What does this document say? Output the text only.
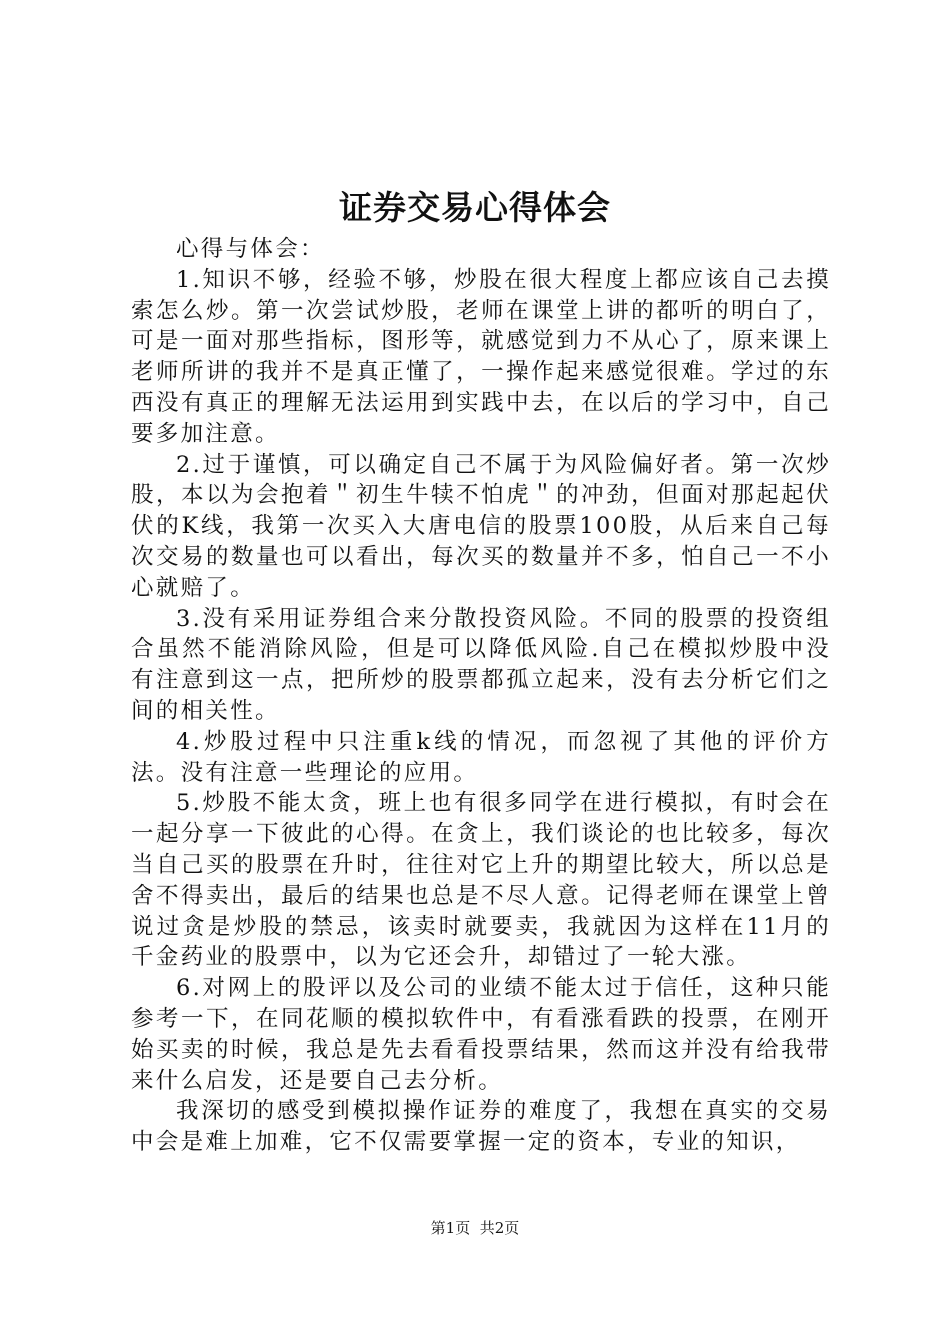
证券交易心得体会

心得与体会：

1.知识不够，经验不够，炒股在很大程度上都应该自己去摸索怎么炒。第一次尝试炒股，老师在课堂上讲的都听的明白了，可是一面对那些指标，图形等，就感觉到力不从心了，原来课上老师所讲的我并不是真正懂了，一操作起来感觉很难。学过的东西没有真正的理解无法运用到实践中去，在以后的学习中，自己要多加注意。

2.过于谨慎，可以确定自己不属于为风险偏好者。第一次炒股，本以为会抱着＂初生牛犊不怕虎＂的冲劲，但面对那起起伏伏的K线，我第一次买入大唐电信的股票100股，从后来自己每次交易的数量也可以看出，每次买的数量并不多，怕自己一不小心就赔了。

3.没有采用证券组合来分散投资风险。不同的股票的投资组合虽然不能消除风险，但是可以降低风险.自己在模拟炒股中没有注意到这一点，把所炒的股票都孤立起来，没有去分析它们之间的相关性。

4.炒股过程中只注重k线的情况，而忽视了其他的评价方法。没有注意一些理论的应用。

5.炒股不能太贪，班上也有很多同学在进行模拟，有时会在一起分享一下彼此的心得。在贪上，我们谈论的也比较多，每次当自己买的股票在升时，往往对它上升的期望比较大，所以总是舍不得卖出，最后的结果也总是不尽人意。记得老师在课堂上曾说过贪是炒股的禁忌，该卖时就要卖，我就因为这样在11月的千金药业的股票中，以为它还会升，却错过了一轮大涨。

6.对网上的股评以及公司的业绩不能太过于信任，这种只能参考一下，在同花顺的模拟软件中，有看涨看跌的投票，在刚开始买卖的时候，我总是先去看看投票结果，然而这并没有给我带来什么启发，还是要自己去分析。

我深切的感受到模拟操作证券的难度了，我想在真实的交易中会是难上加难，它不仅需要掌握一定的资本，专业的知识，

第1页 共2页
